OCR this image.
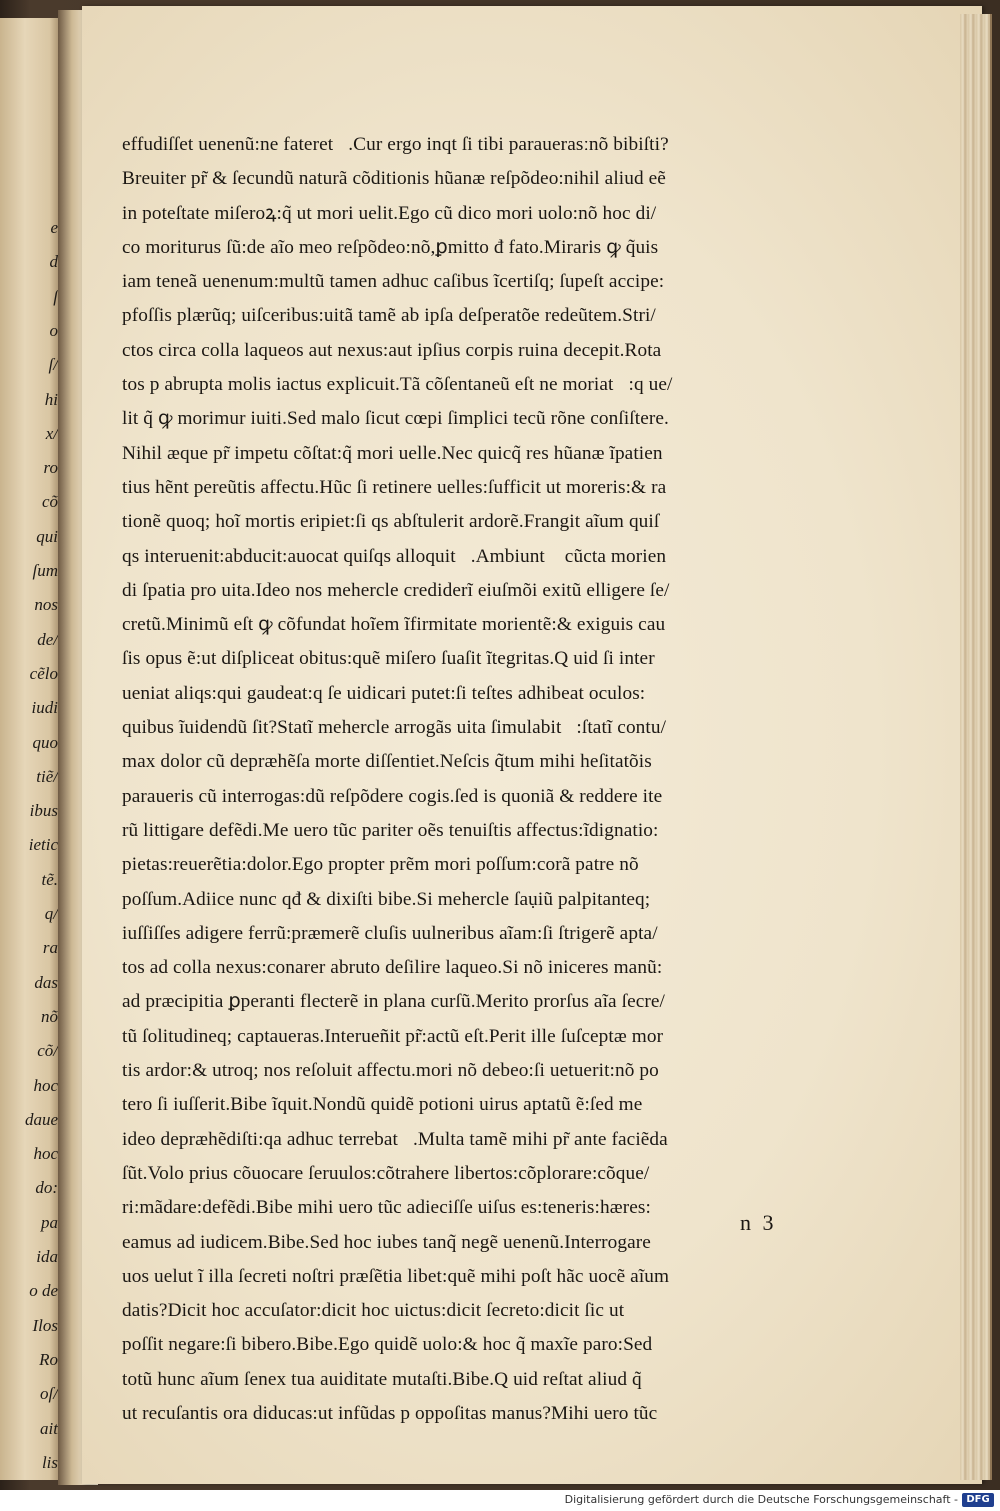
e
d
ſ
o
ſ/
hi
x/
ro
cõ
qui
ſum
nos
de/
cẽlo
iudi
quo
tiẽ/
ibus
ietic
tẽ.
q/
ra
das
nõ
cõ/
hoc
daue
hoc
do:
pa
ida
o de
Ilos
Ro
oſ/
ait
lis
effudiſſet uenenũ:ne fateret᷑.Cur ergo inqt ſi tibi parauerasːnõ bibiſti?
Breuiter pr̃ & ſecundũ naturã cõditionis hũanæ reſpõdeo:nihil aliud eẽ
in poteſtate miſeroꝝ:q̃ ut mori uelit.Ego cũ dico mori uolo:nõ hoc di/
co moriturus ſũ:de aĩo meo reſpõdeo:nõ,ꝑmitto đ fato.Miraris ꝙ q̃uis
iam teneã uenenum:multũ tamen adhuc caſibus ĩcertiſq; ſupeſt accipe:
pfoſſis plærũq; uiſceribus:uitã tamẽ ab ipſa deſperatõe redeũtem.Stri/
ctos circa colla laqueos aut nexus:aut ipſius corpis ruina decepit.Rota
tos p abrupta molis iactus explicuit.Tã cõſentaneũ eſt ne moriat᷑:q ue/
lit q̃ ꝙ morimur iuiti.Sed malo ſicut cœpi ſimplici tecũ rõne conſiſtere.
Nihil æque pr̃ impetu cõſtat:q̃ mori uelle.Nec quicq̃ res hũanæ ĩpatien
tius hẽnt pereũtis affectu.Hũc ſi retinere uelles:ſufficit ut moreris:& ra
tionẽ quoq; hoĩ mortis eripiet:ſi qs abſtulerit ardorẽ.Frangit aĩum quiſ
qs interuenit:abducit:auocat quiſqs alloquit᷑.Ambiunt᷑ cũcta morien
di ſpatia pro uita.Ideo nos mehercle crediderĩ eiuſmõi exitũ elligere ſe/
cretũ.Minimũ eſt ꝙ cõfundat hoĩem ĩfirmitate morientẽ:& exiguis cau
ſis opus ẽ:ut diſpliceat obitus:quẽ miſero ſuaſit ĩtegritas.Q uid ſi inter
ueniat aliqs:qui gaudeat:q ſe uidicari putet:ſi teſtes adhibeat oculos:
quibus ĩuidendũ ſit?Statĩ mehercle arrogãs uita ſimulabit᷑:ſtatĩ contu/
max dolor cũ depræhẽſa morte diſſentiet.Neſcis q̃tum mihi heſitatõis
paraueris cũ interrogas:dũ reſpõdere cogis.ſed is quoniã & reddere ite
rũ littigare defẽdi.Me uero tũc pariter oẽs tenuiſtis affectus:ĩdignatio:
pietas:reuerẽtia:dolor.Ego propter prẽm mori poſſum:corã patre nõ
poſſum.Adiice nunc qđ & dixiſti bibe.Si mehercle ſaụiũ palpitanteq;
iuſſiſſes adigere ferrũ:præmerẽ cluſis uulneribus aĩam:ſi ſtrigerẽ apta/
tos ad colla nexus:conarer abruto deſilire laqueo.Si nõ iniceres manũ:
ad præcipitia ꝑperanti flecterẽ in plana curſũ.Merito prorſus aĩa ſecre/
tũ ſolitudineq; captaueras.Interueñit pr̃:actũ eſt.Perit ille ſuſceptæ mor
tis ardor:& utroq; nos reſoluit affectu.mori nõ debeo:ſi uetuerit:nõ po
tero ſi iuſſerit.Bibe ĩquit.Nondũ quidẽ potioni uirus aptatũ ẽ:ſed me
ideo depræhẽdiſti:qa adhuc terrebat᷑.Multa tamẽ mihi pr̃ ante faciẽda
ſũt.Volo prius cõuocare ſeruulos:cõtrahere libertos:cõplorare:cõque/
ri:mãdare:defẽdi.Bibe mihi uero tũc adieciſſe uiſus es:teneris:hæres:
eamus ad iudicem.Bibe.Sed hoc iubes tanq̃ negẽ uenenũ.Interrogare
uos uelut ĩ illa ſecreti noſtri præſẽtia libet:quẽ mihi poſt hãc uocẽ aĩum
datis?Dicit hoc accuſator:dicit hoc uictus:dicit ſecreto:dicit ſic ut
poſſit negare:ſi bibero.Bibe.Ego quidẽ uolo:& hoc q̃ maxĩe paro:Sed
totũ hunc aĩum ſenex tua auiditate mutaſti.Bibe.Q uid reſtat aliud q̃
ut recuſantis ora diducas:ut infũdas p oppoſitas manus?Mihi uero tũc
n 3
Digitalisierung gefördert durch die Deutsche Forschungsgemeinschaft - DFG
